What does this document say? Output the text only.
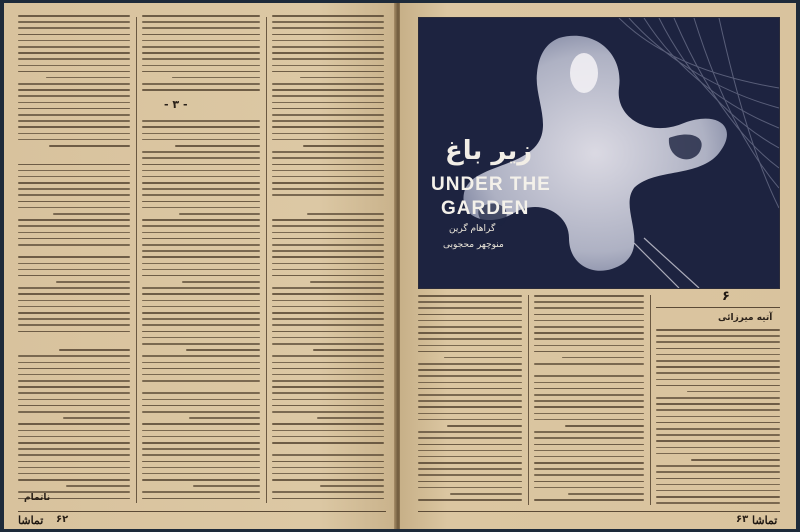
- ۳ -
تماشا ۶۲
ناتمام
زیر باغ
UNDER THE
GARDEN
گراهام گرین
منوچهر محجوبی
۶
آتیه میرزائی
۶۳ تماشا
